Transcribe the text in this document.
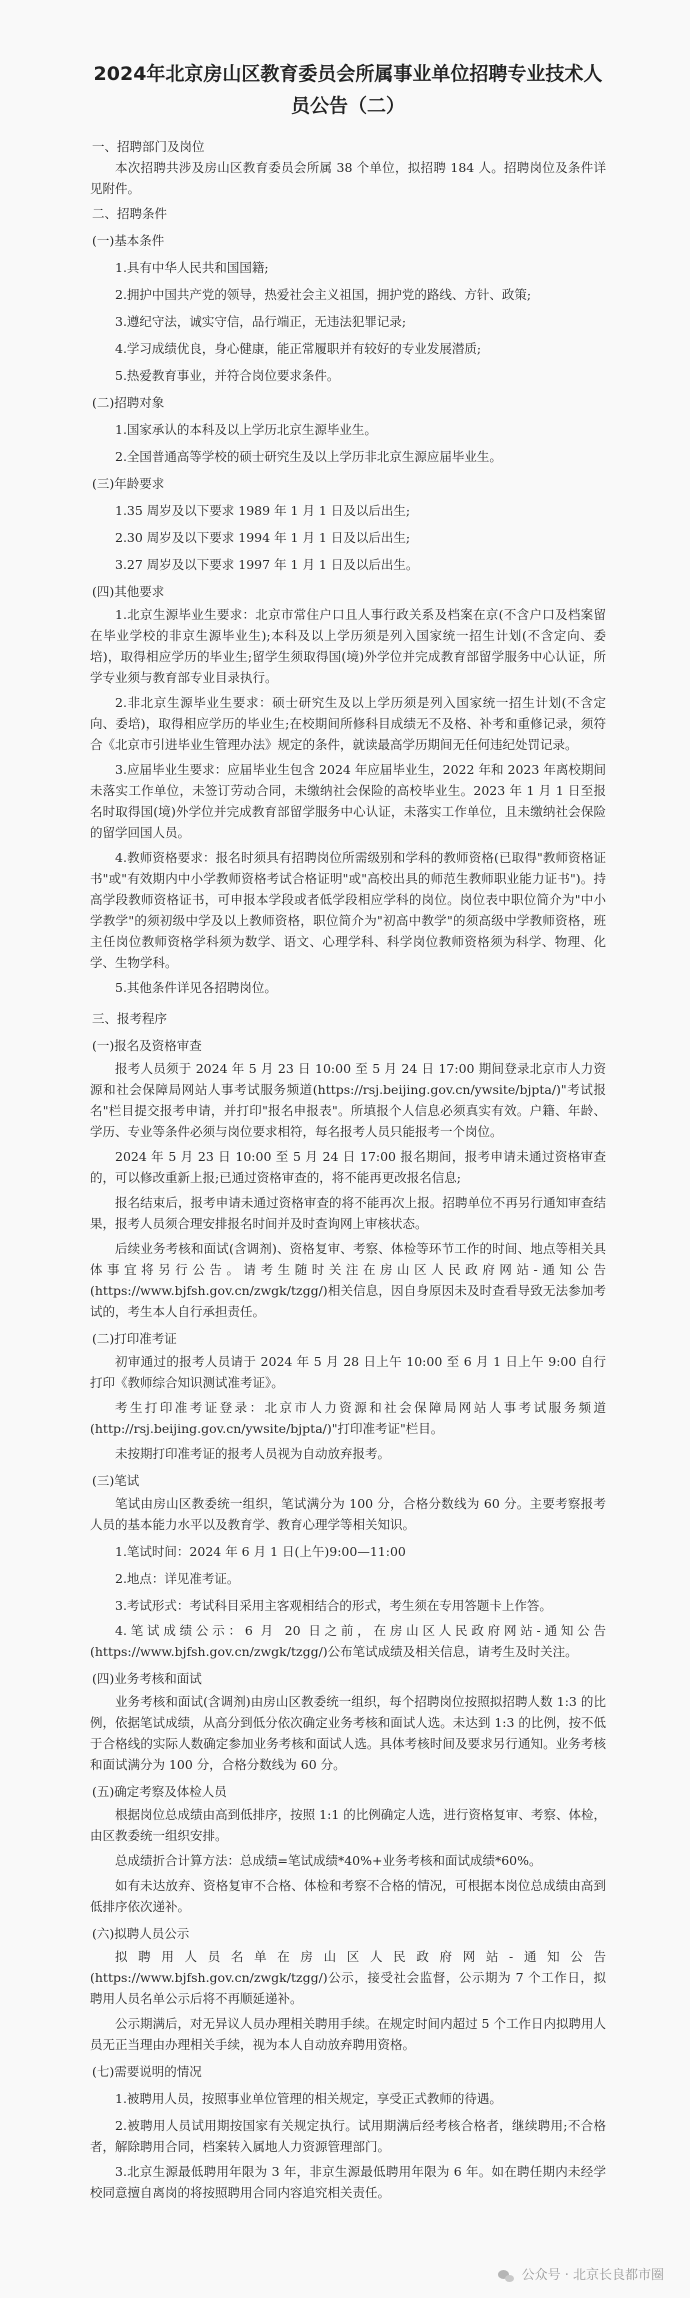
2024年北京房山区教育委员会所属事业单位招聘专业技术人员公告（二）
一、招聘部门及岗位

本次招聘共涉及房山区教育委员会所属 38 个单位，拟招聘 184 人。招聘岗位及条件详见附件。

二、招聘条件
(一)基本条件
1.具有中华人民共和国国籍;
2.拥护中国共产党的领导，热爱社会主义祖国，拥护党的路线、方针、政策;
3.遵纪守法，诚实守信，品行端正，无违法犯罪记录;
4.学习成绩优良，身心健康，能正常履职并有较好的专业发展潜质;
5.热爱教育事业，并符合岗位要求条件。
(二)招聘对象
1.国家承认的本科及以上学历北京生源毕业生。
2.全国普通高等学校的硕士研究生及以上学历非北京生源应届毕业生。
(三)年龄要求
1.35 周岁及以下要求 1989 年 1 月 1 日及以后出生;
2.30 周岁及以下要求 1994 年 1 月 1 日及以后出生;
3.27 周岁及以下要求 1997 年 1 月 1 日及以后出生。
(四)其他要求

1.北京生源毕业生要求：北京市常住户口且人事行政关系及档案在京(不含户口及档案留在毕业学校的非京生源毕业生);本科及以上学历须是列入国家统一招生计划(不含定向、委培)，取得相应学历的毕业生;留学生须取得国(境)外学位并完成教育部留学服务中心认证，所学专业须与教育部专业目录执行。

2.非北京生源毕业生要求：硕士研究生及以上学历须是列入国家统一招生计划(不含定向、委培)，取得相应学历的毕业生;在校期间所修科目成绩无不及格、补考和重修记录，须符合《北京市引进毕业生管理办法》规定的条件，就读最高学历期间无任何违纪处罚记录。

3.应届毕业生要求：应届毕业生包含 2024 年应届毕业生，2022 年和 2023 年离校期间未落实工作单位，未签订劳动合同，未缴纳社会保险的高校毕业生。2023 年 1 月 1 日至报名时取得国(境)外学位并完成教育部留学服务中心认证，未落实工作单位，且未缴纳社会保险的留学回国人员。

4.教师资格要求：报名时须具有招聘岗位所需级别和学科的教师资格(已取得"教师资格证书"或"有效期内中小学教师资格考试合格证明"或"高校出具的师范生教师职业能力证书")。持高学段教师资格证书，可申报本学段或者低学段相应学科的岗位。岗位表中职位简介为"中小学教学"的须初级中学及以上教师资格，职位简介为"初高中教学"的须高级中学教师资格，班主任岗位教师资格学科须为数学、语文、心理学科、科学岗位教师资格须为科学、物理、化学、生物学科。

5.其他条件详见各招聘岗位。

三、报考程序
(一)报名及资格审查

报考人员须于 2024 年 5 月 23 日 10:00 至 5 月 24 日 17:00 期间登录北京市人力资源和社会保障局网站人事考试服务频道(https://rsj.beijing.gov.cn/ywsite/bjpta/)"考试报名"栏目提交报考申请，并打印"报名申报表"。所填报个人信息必须真实有效。户籍、年龄、学历、专业等条件必须与岗位要求相符，每名报考人员只能报考一个岗位。

2024 年 5 月 23 日 10:00 至 5 月 24 日 17:00 报名期间，报考申请未通过资格审查的，可以修改重新上报;已通过资格审查的，将不能再更改报名信息;

报名结束后，报考申请未通过资格审查的将不能再次上报。招聘单位不再另行通知审查结果，报考人员须合理安排报名时间并及时查询网上审核状态。

后续业务考核和面试(含调剂)、资格复审、考察、体检等环节工作的时间、地点等相关具体事宜将另行公告。请考生随时关注在房山区人民政府网站-通知公告(https://www.bjfsh.gov.cn/zwgk/tzgg/)相关信息，因自身原因未及时查看导致无法参加考试的，考生本人自行承担责任。

(二)打印准考证

初审通过的报考人员请于 2024 年 5 月 28 日上午 10:00 至 6 月 1 日上午 9:00 自行打印《教师综合知识测试准考证》。

考生打印准考证登录：北京市人力资源和社会保障局网站人事考试服务频道(http://rsj.beijing.gov.cn/ywsite/bjpta/)"打印准考证"栏目。

未按期打印准考证的报考人员视为自动放弃报考。

(三)笔试

笔试由房山区教委统一组织，笔试满分为 100 分，合格分数线为 60 分。主要考察报考人员的基本能力水平以及教育学、教育心理学等相关知识。

1.笔试时间：2024 年 6 月 1 日(上午)9:00—11:00
2.地点：详见准考证。

3.考试形式：考试科目采用主客观相结合的形式，考生须在专用答题卡上作答。

4.笔试成绩公示：6 月 20 日之前，在房山区人民政府网站-通知公告(https://www.bjfsh.gov.cn/zwgk/tzgg/)公布笔试成绩及相关信息，请考生及时关注。

(四)业务考核和面试

业务考核和面试(含调剂)由房山区教委统一组织，每个招聘岗位按照拟招聘人数 1:3 的比例，依据笔试成绩，从高分到低分依次确定业务考核和面试人选。未达到 1:3 的比例，按不低于合格线的实际人数确定参加业务考核和面试人选。具体考核时间及要求另行通知。业务考核和面试满分为 100 分，合格分数线为 60 分。

(五)确定考察及体检人员

根据岗位总成绩由高到低排序，按照 1:1 的比例确定人选，进行资格复审、考察、体检，由区教委统一组织安排。

总成绩折合计算方法：总成绩=笔试成绩*40%+业务考核和面试成绩*60%。

如有未达放弃、资格复审不合格、体检和考察不合格的情况，可根据本岗位总成绩由高到低排序依次递补。

(六)拟聘人员公示

拟聘用人员名单在房山区人民政府网站-通知公告(https://www.bjfsh.gov.cn/zwgk/tzgg/)公示，接受社会监督，公示期为 7 个工作日，拟聘用人员名单公示后将不再顺延递补。

公示期满后，对无异议人员办理相关聘用手续。在规定时间内超过 5 个工作日内拟聘用人员无正当理由办理相关手续，视为本人自动放弃聘用资格。

(七)需要说明的情况
1.被聘用人员，按照事业单位管理的相关规定，享受正式教师的待遇。

2.被聘用人员试用期按国家有关规定执行。试用期满后经考核合格者，继续聘用;不合格者，解除聘用合同，档案转入属地人力资源管理部门。

3.北京生源最低聘用年限为 3 年，非京生源最低聘用年限为 6 年。如在聘任期内未经学校同意擅自离岗的将按照聘用合同内容追究相关责任。

公众号 · 北京长良都市圈
